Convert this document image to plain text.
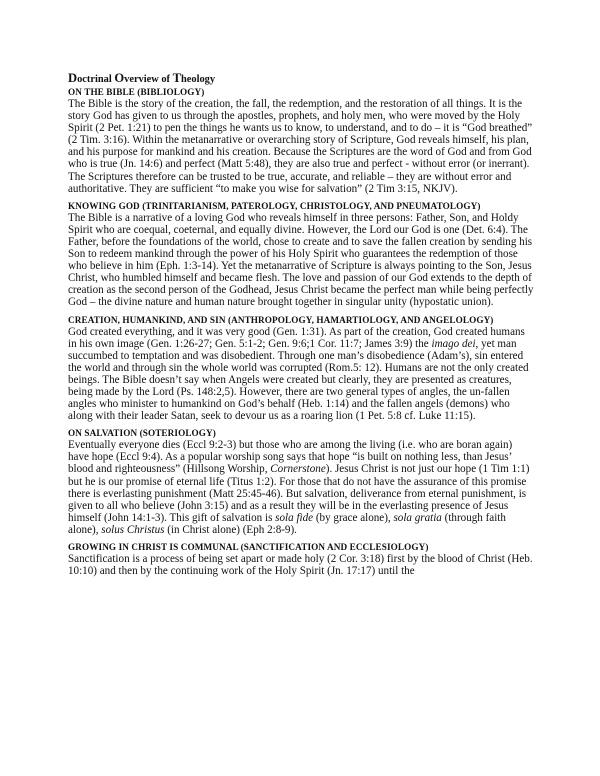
Doctrinal Overview of Theology
ON THE BIBLE (BIBLIOLOGY)

The Bible is the story of the creation, the fall, the redemption, and the restoration of all things. It is the story God has given to us through the apostles, prophets, and holy men, who were moved by the Holy Spirit (2 Pet. 1:21) to pen the things he wants us to know, to understand, and to do – it is “God breathed” (2 Tim. 3:16). Within the metanarrative or overarching story of Scripture, God reveals himself, his plan, and his purpose for mankind and his creation. Because the Scriptures are the word of God and from God who is true (Jn. 14:6) and perfect (Matt 5:48), they are also true and perfect - without error (or inerrant). The Scriptures therefore can be trusted to be true, accurate, and reliable – they are without error and authoritative. They are sufficient “to make you wise for salvation” (2 Tim 3:15, NKJV).

KNOWING GOD (TRINITARIANISM, PATEROLOGY, CHRISTOLOGY, AND PNEUMATOLOGY)

The Bible is a narrative of a loving God who reveals himself in three persons: Father, Son, and Holdy Spirit who are coequal, coeternal, and equally divine. However, the Lord our God is one (Det. 6:4). The Father, before the foundations of the world, chose to create and to save the fallen creation by sending his Son to redeem mankind through the power of his Holy Spirit who guarantees the redemption of those who believe in him (Eph. 1:3-14). Yet the metanarrative of Scripture is always pointing to the Son, Jesus Christ, who humbled himself and became flesh. The love and passion of our God extends to the depth of creation as the second person of the Godhead, Jesus Christ became the perfect man while being perfectly God – the divine nature and human nature brought together in singular unity (hypostatic union).

CREATION, HUMANKIND, AND SIN (ANTHROPOLOGY, HAMARTIOLOGY, AND ANGELOLOGY)

God created everything, and it was very good (Gen. 1:31). As part of the creation, God created humans in his own image (Gen. 1:26-27; Gen. 5:1-2; Gen. 9:6;1 Cor. 11:7; James 3:9) the imago dei, yet man succumbed to temptation and was disobedient. Through one man’s disobedience (Adam’s), sin entered the world and through sin the whole world was corrupted (Rom.5: 12). Humans are not the only created beings. The Bible doesn’t say when Angels were created but clearly, they are presented as creatures, being made by the Lord (Ps. 148:2,5). However, there are two general types of angles, the un-fallen angles who minister to humankind on God’s behalf (Heb. 1:14) and the fallen angels (demons) who along with their leader Satan, seek to devour us as a roaring lion (1 Pet. 5:8 cf. Luke 11:15).

ON SALVATION (SOTERIOLOGY)

Eventually everyone dies (Eccl 9:2-3) but those who are among the living (i.e. who are boran again) have hope (Eccl 9:4). As a popular worship song says that hope “is built on nothing less, than Jesus’ blood and righteousness” (Hillsong Worship, Cornerstone). Jesus Christ is not just our hope (1 Tim 1:1) but he is our promise of eternal life (Titus 1:2). For those that do not have the assurance of this promise there is everlasting punishment (Matt 25:45-46). But salvation, deliverance from eternal punishment, is given to all who believe (John 3:15) and as a result they will be in the everlasting presence of Jesus himself (John 14:1-3). This gift of salvation is sola fide (by grace alone), sola gratia (through faith alone), solus Christus (in Christ alone) (Eph 2:8-9).

GROWING IN CHRIST IS COMMUNAL (SANCTIFICATION AND ECCLESIOLOGY)

Sanctification is a process of being set apart or made holy (2 Cor. 3:18) first by the blood of Christ (Heb. 10:10) and then by the continuing work of the Holy Spirit (Jn. 17:17) until the
